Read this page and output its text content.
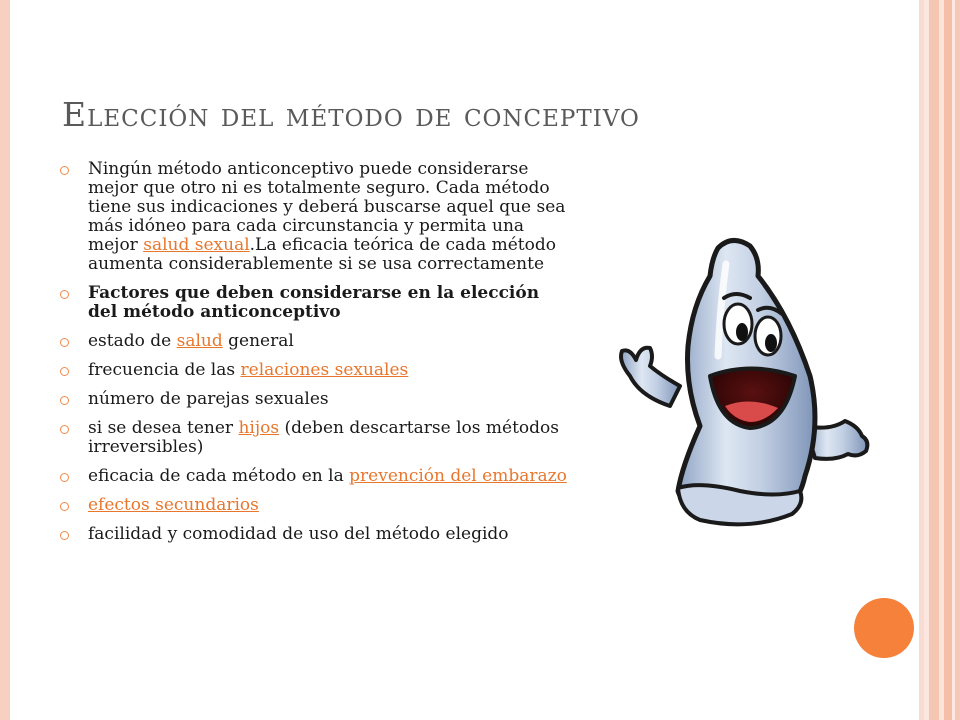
Elección del método de conceptivo
Ningún método anticonceptivo puede considerarse mejor que otro ni es totalmente seguro. Cada método tiene sus indicaciones y deberá buscarse aquel que sea más idóneo para cada circunstancia y permita una mejor salud sexual.La eficacia teórica de cada método aumenta considerablemente si se usa correctamente
Factores que deben considerarse en la elección del método anticonceptivo
estado de salud general
frecuencia de las relaciones sexuales
número de parejas sexuales
si se desea tener hijos (deben descartarse los métodos irreversibles)
eficacia de cada método en la prevención del embarazo
efectos secundarios
facilidad y comodidad de uso del método elegido
